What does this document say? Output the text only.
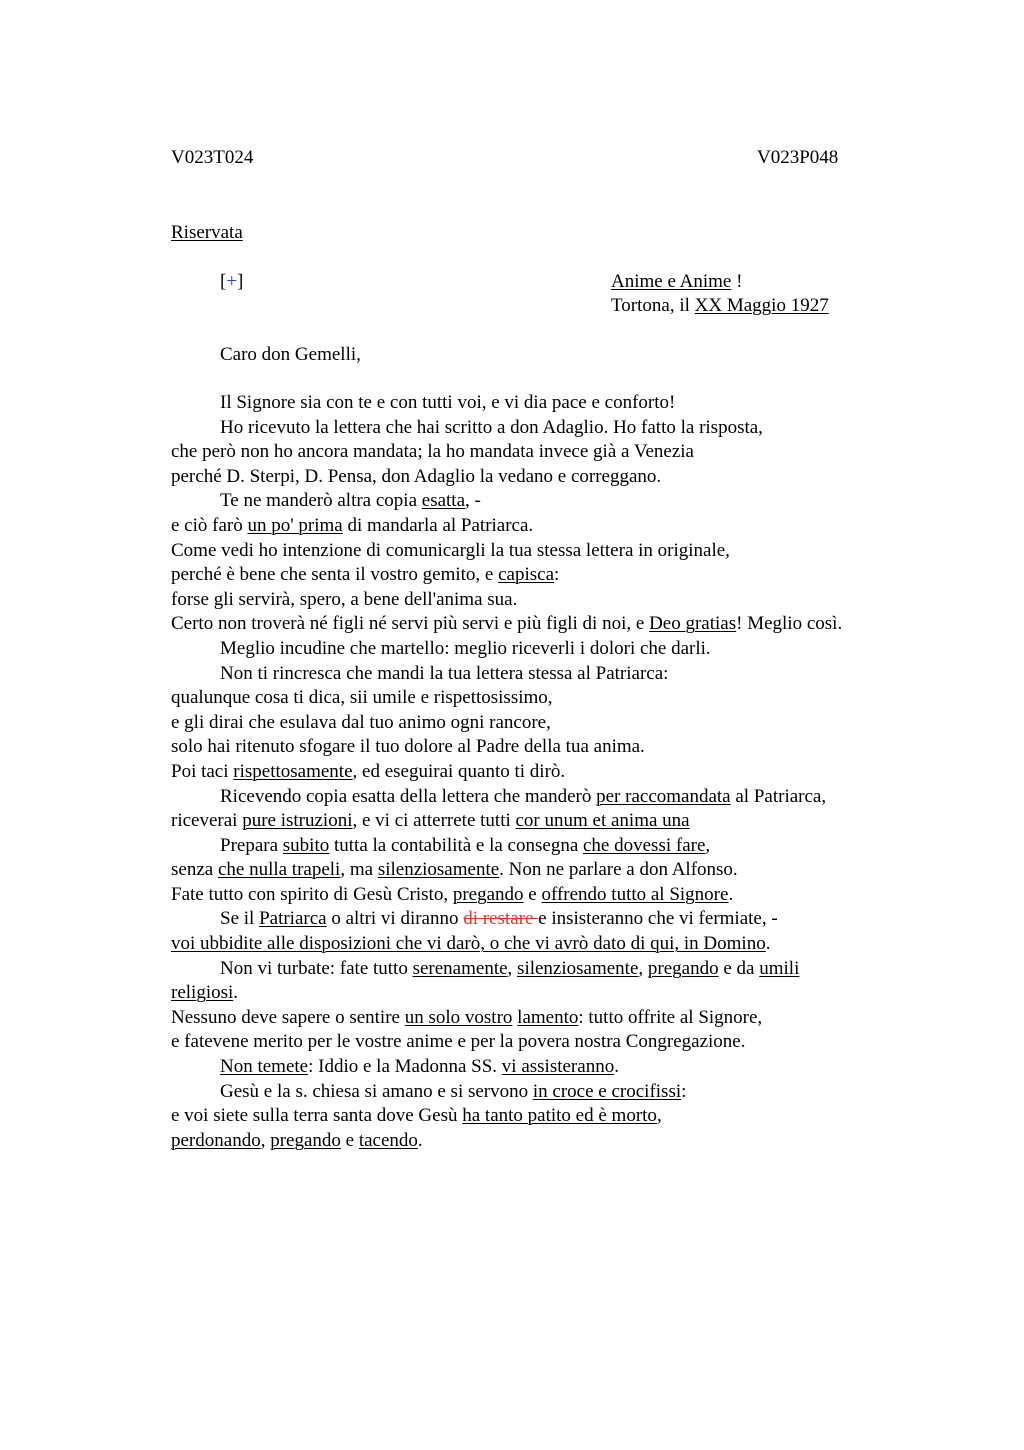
V023T024	V023P048
Riservata
[+]	Anime e Anime !
Tortona, il XX Maggio 1927
Caro don Gemelli,
Il Signore sia con te e con tutti voi, e vi dia pace e conforto!
Ho ricevuto la lettera che hai scritto a don Adaglio. Ho fatto la risposta,
che però non ho ancora mandata; la ho mandata invece già a Venezia
perché D. Sterpi, D. Pensa, don Adaglio la vedano e correggano.
Te ne manderò altra copia esatta, -
e ciò farò un po' prima di mandarla al Patriarca.
Come vedi ho intenzione di comunicargli la tua stessa lettera in originale,
perché è bene che senta il vostro gemito, e capisca:
forse gli servirà, spero, a bene dell'anima sua.
Certo non troverà né figli né servi più servi e più figli di noi, e Deo gratias! Meglio così.
Meglio incudine che martello: meglio riceverli i dolori che darli.
Non ti rincresca che mandi la tua lettera stessa al Patriarca:
qualunque cosa ti dica, sii umile e rispettosissimo,
e gli dirai che esulava dal tuo animo ogni rancore,
solo hai ritenuto sfogare il tuo dolore al Padre della tua anima.
Poi taci rispettosamente, ed eseguirai quanto ti dirò.
Ricevendo copia esatta della lettera che manderò per raccomandata al Patriarca,
riceverai pure istruzioni, e vi ci atterrete tutti cor unum et anima una
Prepara subito tutta la contabilità e la consegna che dovessi fare,
senza che nulla trapeli, ma silenziosamente. Non ne parlare a don Alfonso.
Fate tutto con spirito di Gesù Cristo, pregando e offrendo tutto al Signore.
Se il Patriarca o altri vi diranno di restare e insisteranno che vi fermiate, -
voi ubbidite alle disposizioni che vi darò, o che vi avrò dato di qui, in Domino.
Non vi turbate: fate tutto serenamente, silenziosamente, pregando e da umili
religiosi.
Nessuno deve sapere o sentire un solo vostro lamento: tutto offrite al Signore,
e fatevene merito per le vostre anime e per la povera nostra Congregazione.
Non temete: Iddio e la Madonna SS. vi assisteranno.
Gesù e la s. chiesa si amano e si servono in croce e crocifissi:
e voi siete sulla terra santa dove Gesù ha tanto patito ed è morto,
perdonando, pregando e tacendo.
